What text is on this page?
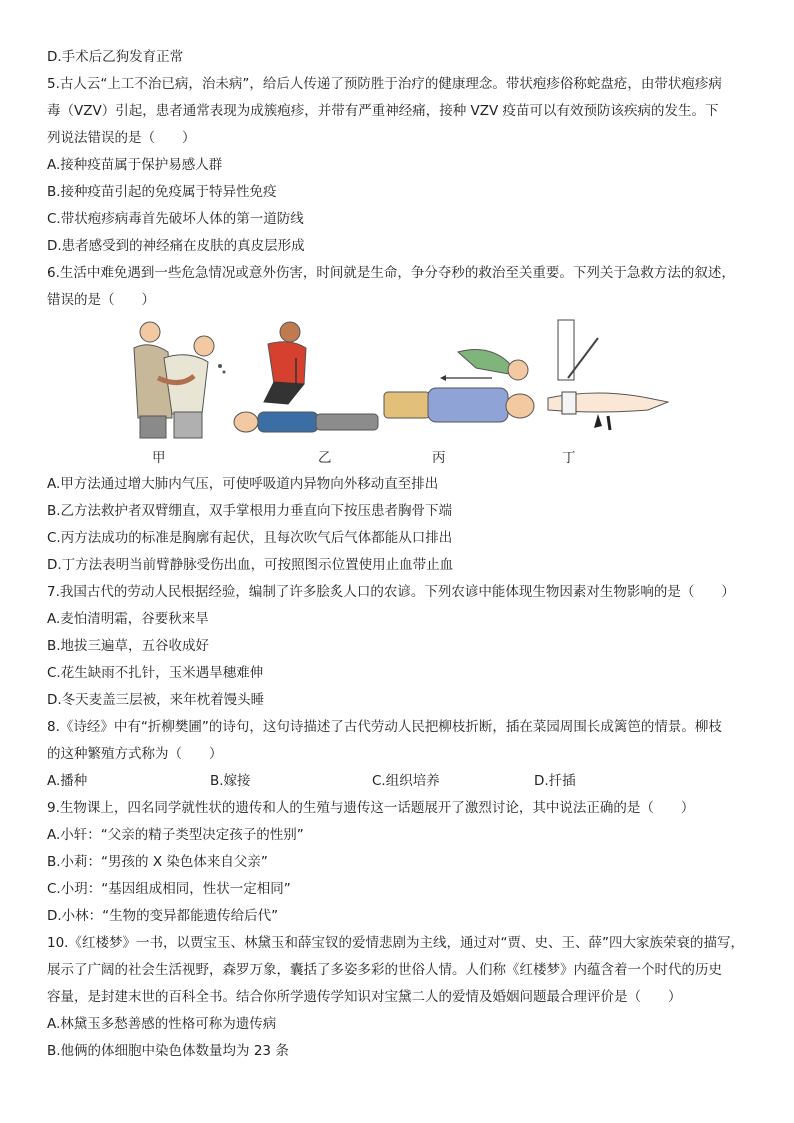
D.手术后乙狗发育正常
5.古人云“上工不治已病，治未病”，给后人传递了预防胜于治疗的健康理念。带状疱疹俗称蛇盘疮，由带状疱疹病
毒（VZV）引起，患者通常表现为成簇疱疹，并带有严重神经痛，接种 VZV 疫苗可以有效预防该疾病的发生。下
列说法错误的是（　　）
A.接种疫苗属于保护易感人群
B.接种疫苗引起的免疫属于特异性免疫
C.带状疱疹病毒首先破坏人体的第一道防线
D.患者感受到的神经痛在皮肤的真皮层形成
6.生活中难免遇到一些危急情况或意外伤害，时间就是生命，争分夺秒的救治至关重要。下列关于急救方法的叙述，
错误的是（　　）
甲	乙	丙	丁
A.甲方法通过增大肺内气压，可使呼吸道内异物向外移动直至排出
B.乙方法救护者双臂绷直，双手掌根用力垂直向下按压患者胸骨下端
C.丙方法成功的标准是胸廓有起伏，且每次吹气后气体都能从口排出
D.丁方法表明当前臂静脉受伤出血，可按照图示位置使用止血带止血
7.我国古代的劳动人民根据经验，编制了许多脍炙人口的农谚。下列农谚中能体现生物因素对生物影响的是（　　）
A.麦怕清明霜，谷要秋来旱
B.地拔三遍草，五谷收成好
C.花生缺雨不扎针，玉米遇旱穗难伸
D.冬天麦盖三层被，来年枕着馒头睡
8.《诗经》中有“折柳樊圃”的诗句，这句诗描述了古代劳动人民把柳枝折断，插在菜园周围长成篱笆的情景。柳枝
的这种繁殖方式称为（　　）
A.播种	B.嫁接	C.组织培养	D.扦插
9.生物课上，四名同学就性状的遗传和人的生殖与遗传这一话题展开了激烈讨论，其中说法正确的是（　　）
A.小轩：“父亲的精子类型决定孩子的性别”
B.小莉：“男孩的 X 染色体来自父亲”
C.小玥：“基因组成相同，性状一定相同”
D.小林：“生物的变异都能遗传给后代”
10.《红楼梦》一书，以贾宝玉、林黛玉和薛宝钗的爱情悲剧为主线，通过对“贾、史、王、薛”四大家族荣衰的描写，
展示了广阔的社会生活视野，森罗万象，囊括了多姿多彩的世俗人情。人们称《红楼梦》内蕴含着一个时代的历史
容量，是封建末世的百科全书。结合你所学遗传学知识对宝黛二人的爱情及婚姻问题最合理评价是（　　）
A.林黛玉多愁善感的性格可称为遗传病
B.他俩的体细胞中染色体数量均为 23 条
